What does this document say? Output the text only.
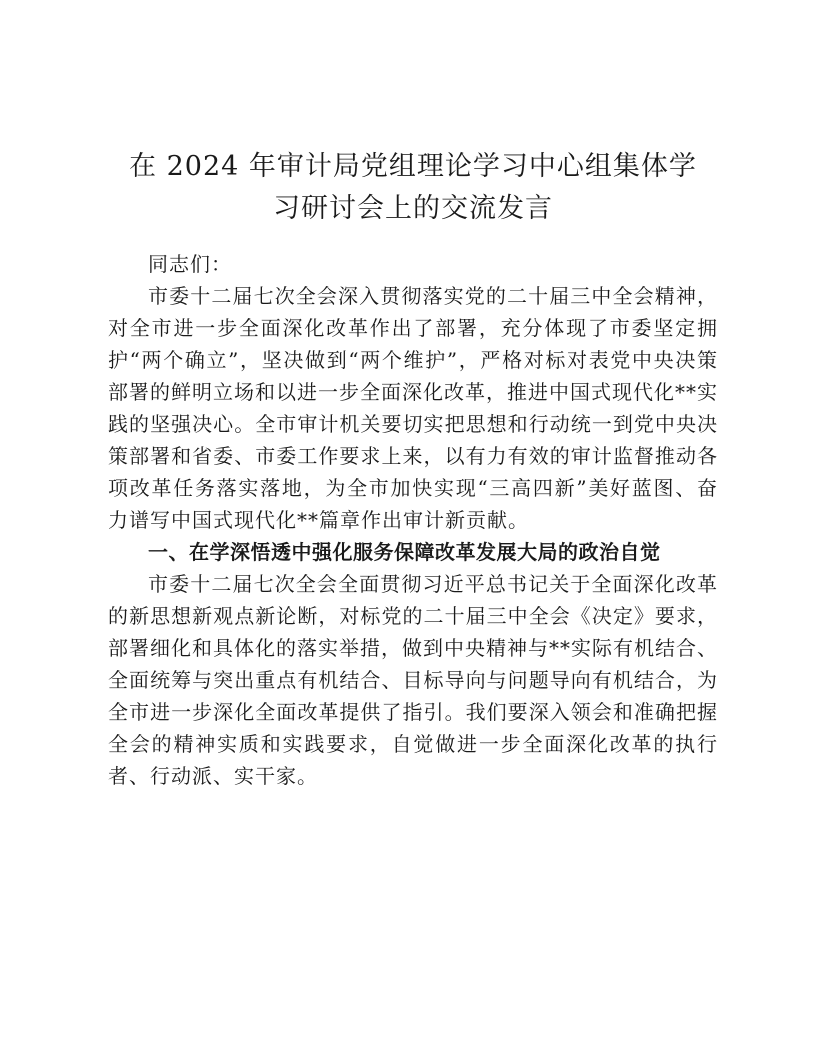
在 2024 年审计局党组理论学习中心组集体学
习研讨会上的交流发言

同志们：

市委十二届七次全会深入贯彻落实党的二十届三中全会精神，对全市进一步全面深化改革作出了部署，充分体现了市委坚定拥护“两个确立”，坚决做到“两个维护”，严格对标对表党中央决策部署的鲜明立场和以进一步全面深化改革，推进中国式现代化**实践的坚强决心。全市审计机关要切实把思想和行动统一到党中央决策部署和省委、市委工作要求上来，以有力有效的审计监督推动各项改革任务落实落地，为全市加快实现“三高四新”美好蓝图、奋力谱写中国式现代化**篇章作出审计新贡献。

一、在学深悟透中强化服务保障改革发展大局的政治自觉

市委十二届七次全会全面贯彻习近平总书记关于全面深化改革的新思想新观点新论断，对标党的二十届三中全会《决定》要求，部署细化和具体化的落实举措，做到中央精神与**实际有机结合、全面统筹与突出重点有机结合、目标导向与问题导向有机结合，为全市进一步深化全面改革提供了指引。我们要深入领会和准确把握全会的精神实质和实践要求，自觉做进一步全面深化改革的执行者、行动派、实干家。
